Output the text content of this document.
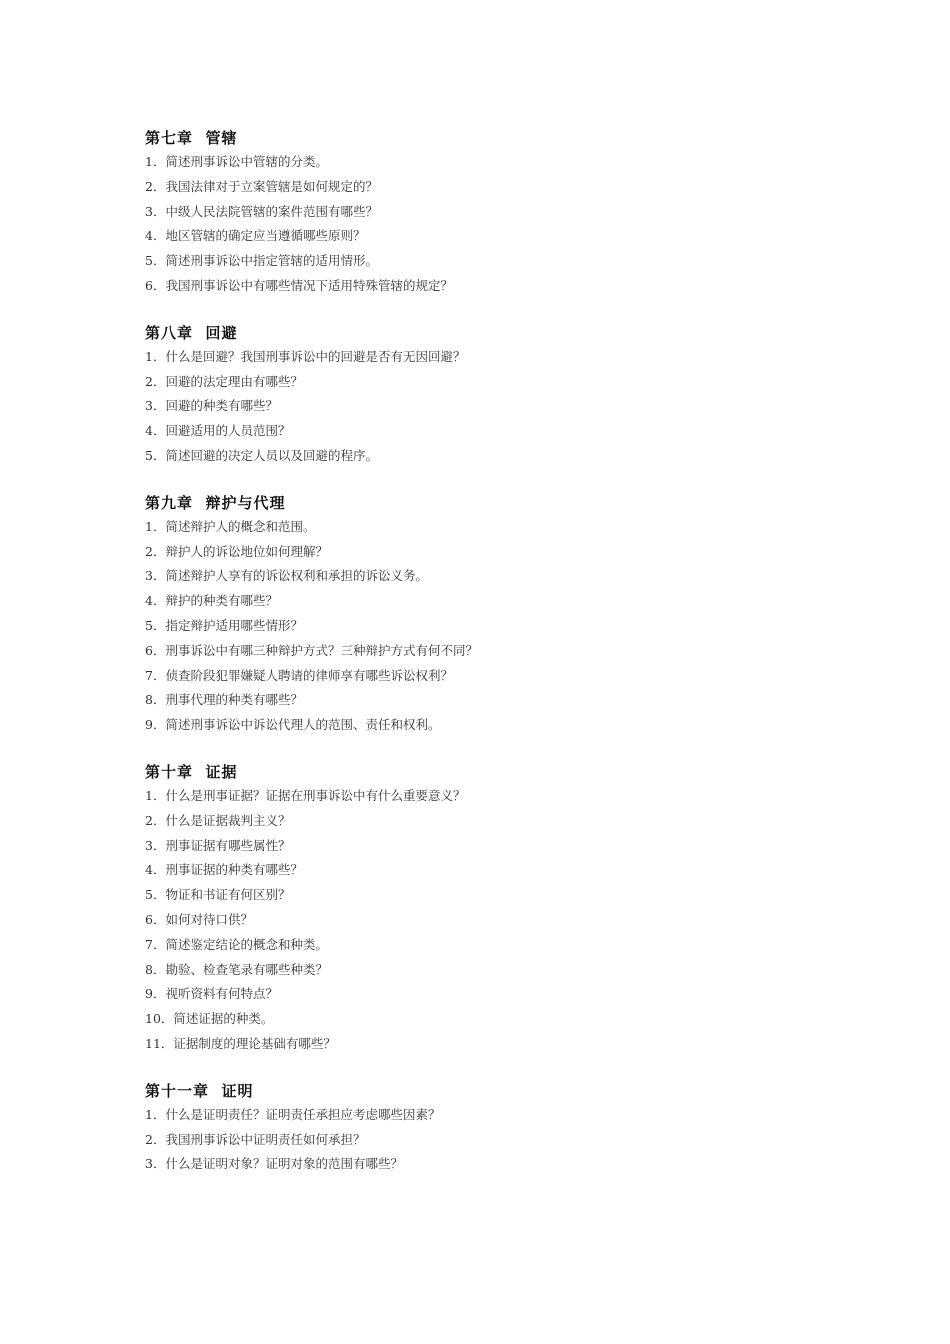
第七章  管辖
1．简述刑事诉讼中管辖的分类。
2．我国法律对于立案管辖是如何规定的？
3．中级人民法院管辖的案件范围有哪些？
4．地区管辖的确定应当遵循哪些原则？
5．简述刑事诉讼中指定管辖的适用情形。
6．我国刑事诉讼中有哪些情况下适用特殊管辖的规定？
第八章  回避
1．什么是回避？我国刑事诉讼中的回避是否有无因回避？
2．回避的法定理由有哪些？
3．回避的种类有哪些？
4．回避适用的人员范围？
5．简述回避的决定人员以及回避的程序。
第九章  辩护与代理
1．简述辩护人的概念和范围。
2．辩护人的诉讼地位如何理解？
3．简述辩护人享有的诉讼权利和承担的诉讼义务。
4．辩护的种类有哪些？
5．指定辩护适用哪些情形？
6．刑事诉讼中有哪三种辩护方式？三种辩护方式有何不同？
7．侦查阶段犯罪嫌疑人聘请的律师享有哪些诉讼权利？
8．刑事代理的种类有哪些？
9．简述刑事诉讼中诉讼代理人的范围、责任和权利。
第十章  证据
1．什么是刑事证据？证据在刑事诉讼中有什么重要意义？
2．什么是证据裁判主义？
3．刑事证据有哪些属性？
4．刑事证据的种类有哪些？
5．物证和书证有何区别？
6．如何对待口供？
7．简述鉴定结论的概念和种类。
8．勘验、检查笔录有哪些种类？
9．视听资料有何特点？
10．简述证据的种类。
11．证据制度的理论基础有哪些？
第十一章  证明
1．什么是证明责任？证明责任承担应考虑哪些因素？
2．我国刑事诉讼中证明责任如何承担？
3．什么是证明对象？证明对象的范围有哪些？
